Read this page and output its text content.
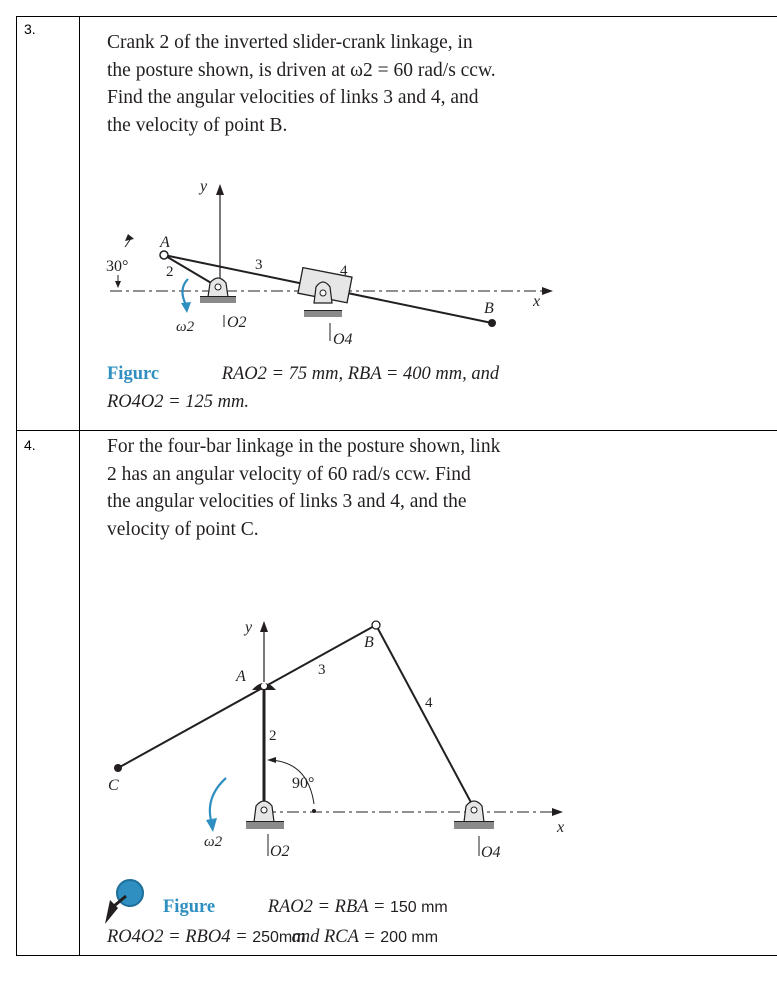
3.
Crank 2 of the inverted slider-crank linkage, in
the posture shown, is driven at ω2 = 60 rad/s ccw.
Find the angular velocities of links 3 and 4, and
the velocity of point B.
y
x
30°
A
2	3
ω2 O2
4
O4
B
Figurc	RAO2 = 75 mm, RBA = 400 mm, and
RO4O2 = 125 mm.
4.	For the four-bar linkage in the posture shown, link
2 has an angular velocity of 60 rad/s ccw. Find
the angular velocities of links 3 and 4, and the
velocity of point C.
y
x
A
B
C
3
2
4
90°
O2
ω2
O4
Figure	RAO2 = RBA = 150 mm
RO4O2 = RBO4 = 250mmand RCA = 200 mm
